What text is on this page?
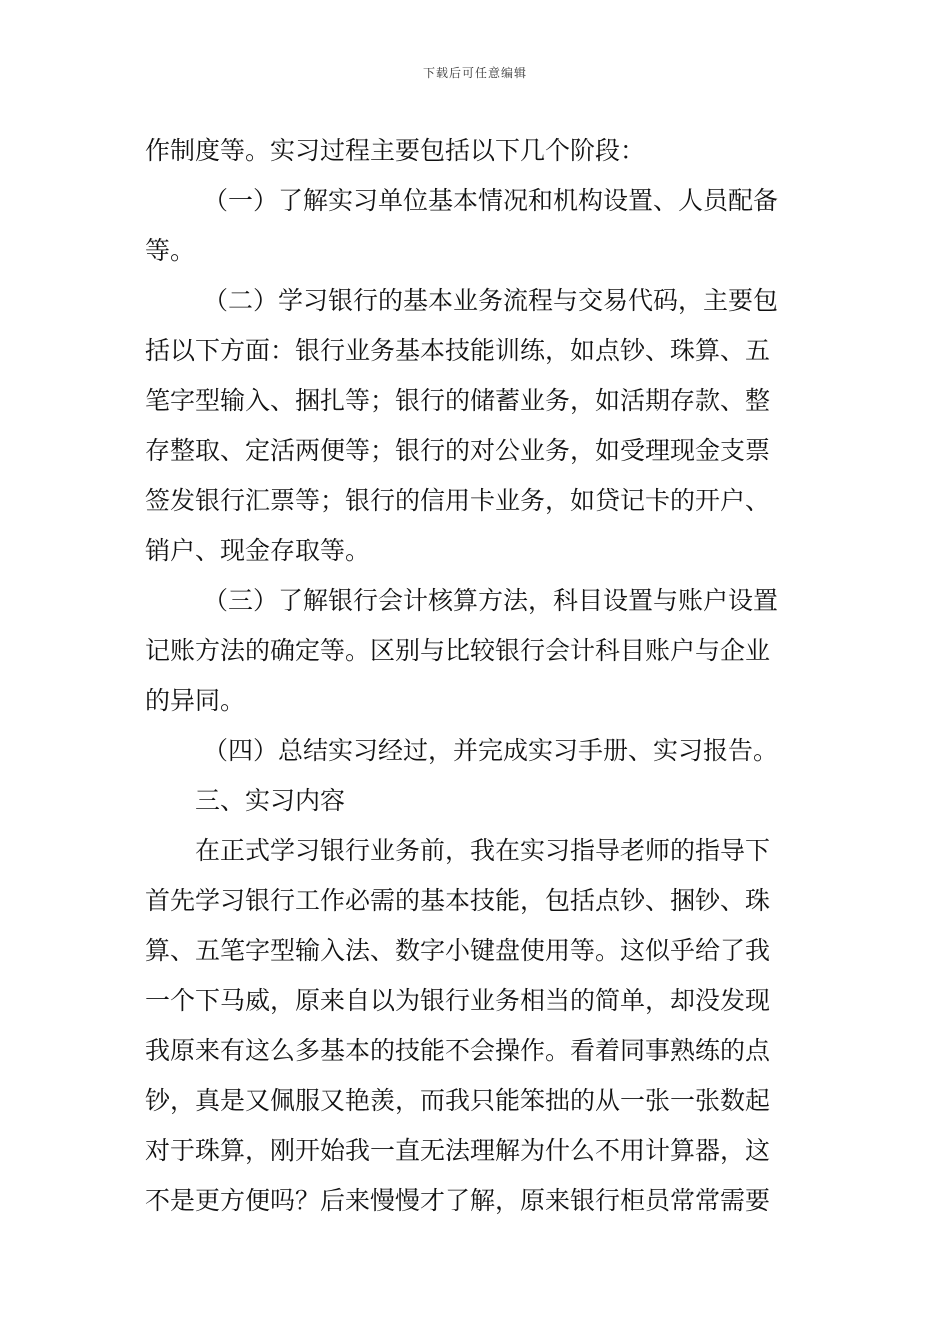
下载后可任意编辑
作制度等。实习过程主要包括以下几个阶段：
（一）了解实习单位基本情况和机构设置、人员配备
等。
（二）学习银行的基本业务流程与交易代码，主要包
括以下方面：银行业务基本技能训练，如点钞、珠算、五
笔字型输入、捆扎等；银行的储蓄业务，如活期存款、整
存整取、定活两便等；银行的对公业务，如受理现金支票
签发银行汇票等；银行的信用卡业务，如贷记卡的开户、
销户、现金存取等。
（三）了解银行会计核算方法，科目设置与账户设置
记账方法的确定等。区别与比较银行会计科目账户与企业
的异同。
（四）总结实习经过，并完成实习手册、实习报告。
三、实习内容
在正式学习银行业务前，我在实习指导老师的指导下
首先学习银行工作必需的基本技能，包括点钞、捆钞、珠
算、五笔字型输入法、数字小键盘使用等。这似乎给了我
一个下马威，原来自以为银行业务相当的简单，却没发现
我原来有这么多基本的技能不会操作。看着同事熟练的点
钞，真是又佩服又艳羡，而我只能笨拙的从一张一张数起
对于珠算，刚开始我一直无法理解为什么不用计算器，这
不是更方便吗？后来慢慢才了解，原来银行柜员常常需要
